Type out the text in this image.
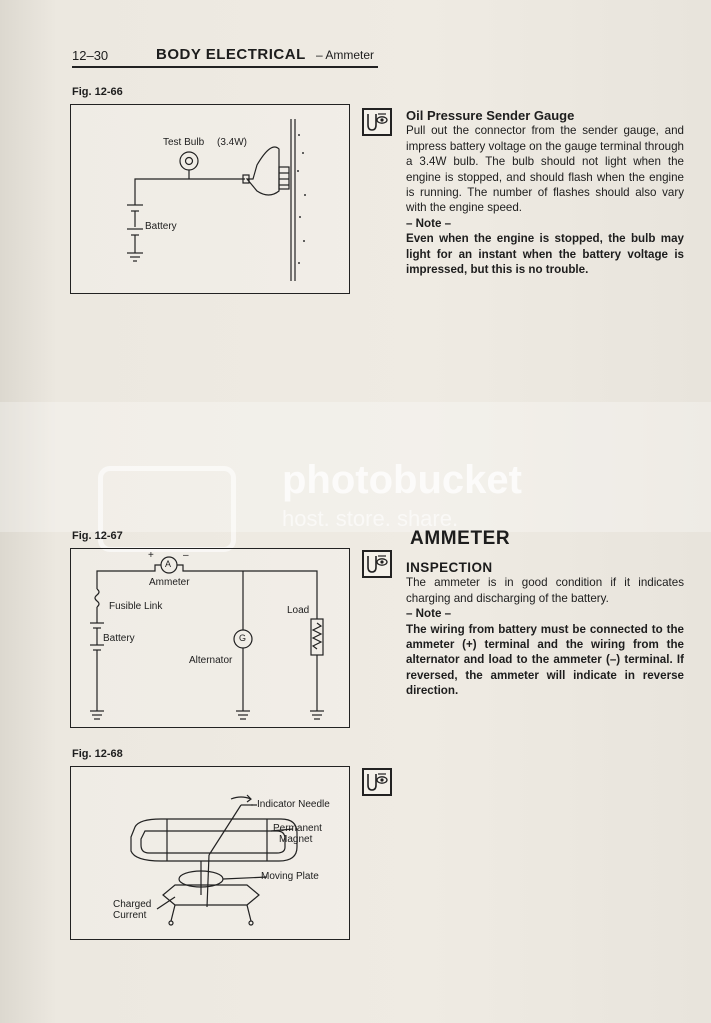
12–30	BODY ELECTRICAL – Ammeter
Fig. 12-66
Test Bulb (3.4W)
Battery
Oil Pressure Sender Gauge

Pull out the connector from the sender gauge, and impress battery voltage on the gauge terminal through a 3.4W bulb. The bulb should not light when the engine is stopped, and should flash when the engine is running. The number of flashes should also vary with the engine speed.

– Note –

Even when the engine is stopped, the bulb may light for an instant when the battery voltage is impressed, but this is no trouble.

photobucket
host. store. share.
Fig. 12-67
+	–
A
Ammeter
Fusible Link
Battery	G
Alternator
Load
AMMETER
INSPECTION

The ammeter is in good condition if it indicates charging and discharging of the battery.

– Note –

The wiring from battery must be connected to the ammeter (+) terminal and the wiring from the alternator and load to the ammeter (–) terminal. If reversed, the ammeter will indicate in reverse direction.

Fig. 12-68
Indicator Needle
Permanent
Magnet
Moving Plate
Charged
Current
